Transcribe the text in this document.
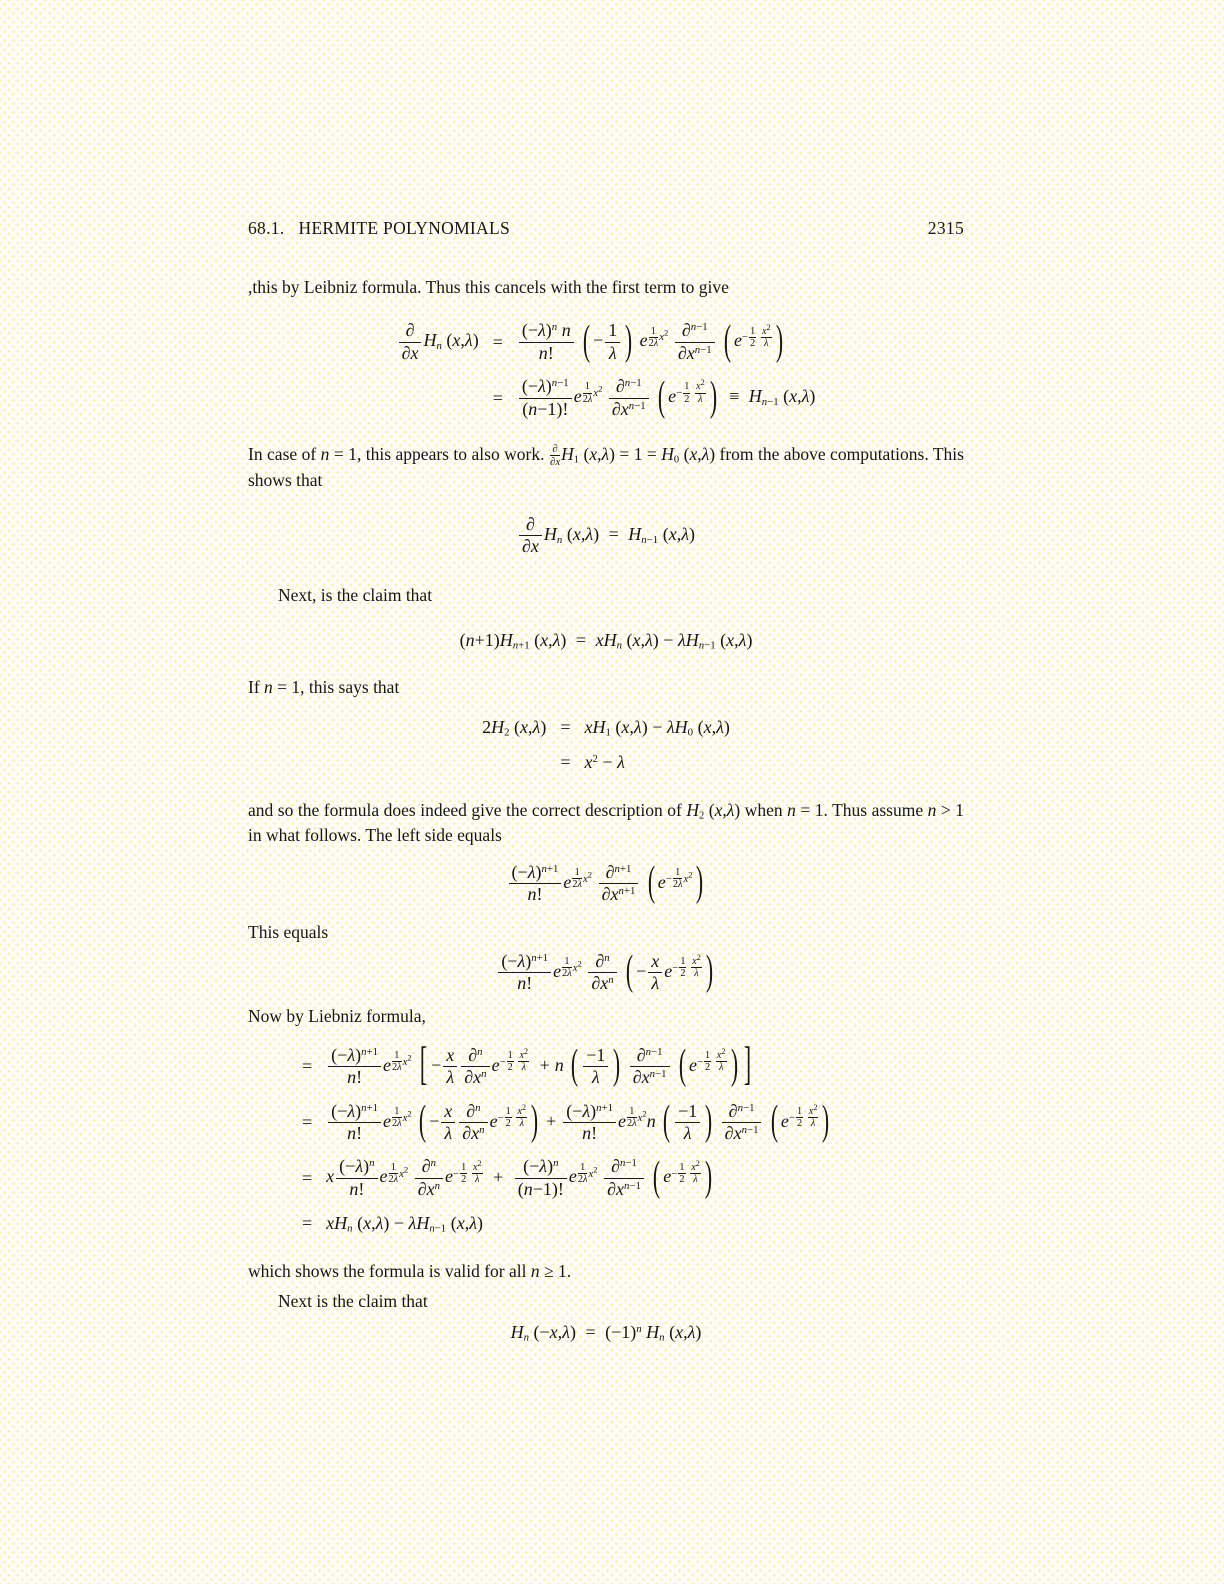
68.1. HERMITE POLYNOMIALS	2315

,this by Leibniz formula. Thus this cancels with the first term to give

∂
∂x
$H_n$ (x,λ)	=	$\frac{(-\lambda)^n n}{n!}$ ( − $\frac{1}{\lambda}$ ) e $^{\frac{1}{2\lambda} x^2} \frac{\partial^{n-1}}{\partial x^{n-1}}$ ( $e^{- \frac{1}{2} \frac{x^2}{\lambda}}$ )
	=	$\frac{(-\lambda)^{n-1}}{(n-1)!}$ e $^{\frac{1}{2\lambda} x^2} \frac{\partial^{n-1}}{\partial x^{n-1}}$ ( $e^{- \frac{1}{2} \frac{x^2}{\lambda}}$ ) ≡ $H_{n-1}$ (x,λ)

In case of n = 1, this appears to also work. ∂
∂x $H_1$ $(x,\lambda) = 1 = H_0$ (x,λ) from the above computations. This shows that

∂
∂x
$H_n$ $(x,\lambda) = H_{n-1}$ (x,λ)

Next, is the claim that

$(n+1)H_{n+1}$ $(x,\lambda) = xH_n$ $(x,\lambda) - \lambda H_{n-1}$ (x,λ)

If n = 1, this says that

$2H_2$ (x,λ)	=	$xH_1$ $(x,\lambda) - \lambda H_0$ (x,λ)
	=	$x^2 - \lambda$

and so the formula does indeed give the correct description of $H_2$ (x,λ) when n = 1. Thus assume n > 1 in what follows. The left side equals

$\frac{(-\lambda)^{n+1}}{n!}$ e $^{\frac{1}{2\lambda} x^2} \frac{\partial^{n+1}}{\partial x^{n+1}}$ ( $e^{- \frac{1}{2\lambda} x^2}$ )

This equals

$\frac{(-\lambda)^{n+1}}{n!}$ e $^{\frac{1}{2\lambda} x^2} \frac{\partial^n}{\partial x^n}$ ( − $\frac{x}{\lambda} e^{- \frac{1}{2} \frac{x^2}{\lambda}}$ )

Now by Liebniz formula,

=	$\frac{(-\lambda)^{n+1}}{n!}$ e $^{\frac{1}{2\lambda} x^2}$ [ − $\frac{x}{\lambda} \frac{\partial^n}{\partial x^n} e^{- \frac{1}{2} \frac{x^2}{\lambda}} + n$ ( $\frac{-1}{\lambda}$ ) $\frac{\partial^{n-1}}{\partial x^{n-1}}$ ( $e^{- \frac{1}{2} \frac{x^2}{\lambda}}$ ) ]
=	$\frac{(-\lambda)^{n+1}}{n!}$ e $^{\frac{1}{2\lambda} x^2}$ ( − $\frac{x}{\lambda} \frac{\partial^n}{\partial x^n} e^{- \frac{1}{2} \frac{x^2}{\lambda}}$ ) + $\frac{(-\lambda)^{n+1}}{n!}$ e $^{\frac{1}{2\lambda} x^2}$n ( $\frac{-1}{\lambda}$ ) $\frac{\partial^{n-1}}{\partial x^{n-1}}$ ( $e^{- \frac{1}{2} \frac{x^2}{\lambda}}$ )
=	x $\frac{(-\lambda)^n}{n!}$ e $^{\frac{1}{2\lambda} x^2} \frac{\partial^n}{\partial x^n} e^{- \frac{1}{2} \frac{x^2}{\lambda}} + \frac{(-\lambda)^n}{(n-1)!}$ e $^{\frac{1}{2\lambda} x^2} \frac{\partial^{n-1}}{\partial x^{n-1}}$ ( $e^{- \frac{1}{2} \frac{x^2}{\lambda}}$ )
=	$xH_n$ $(x,\lambda) - \lambda H_{n-1}$ (x,λ)

which shows the formula is valid for all n ≥ 1.

Next is the claim that

$H_n$ $(-x,\lambda) = (-1)^n$ $H_n$ (x,λ)
